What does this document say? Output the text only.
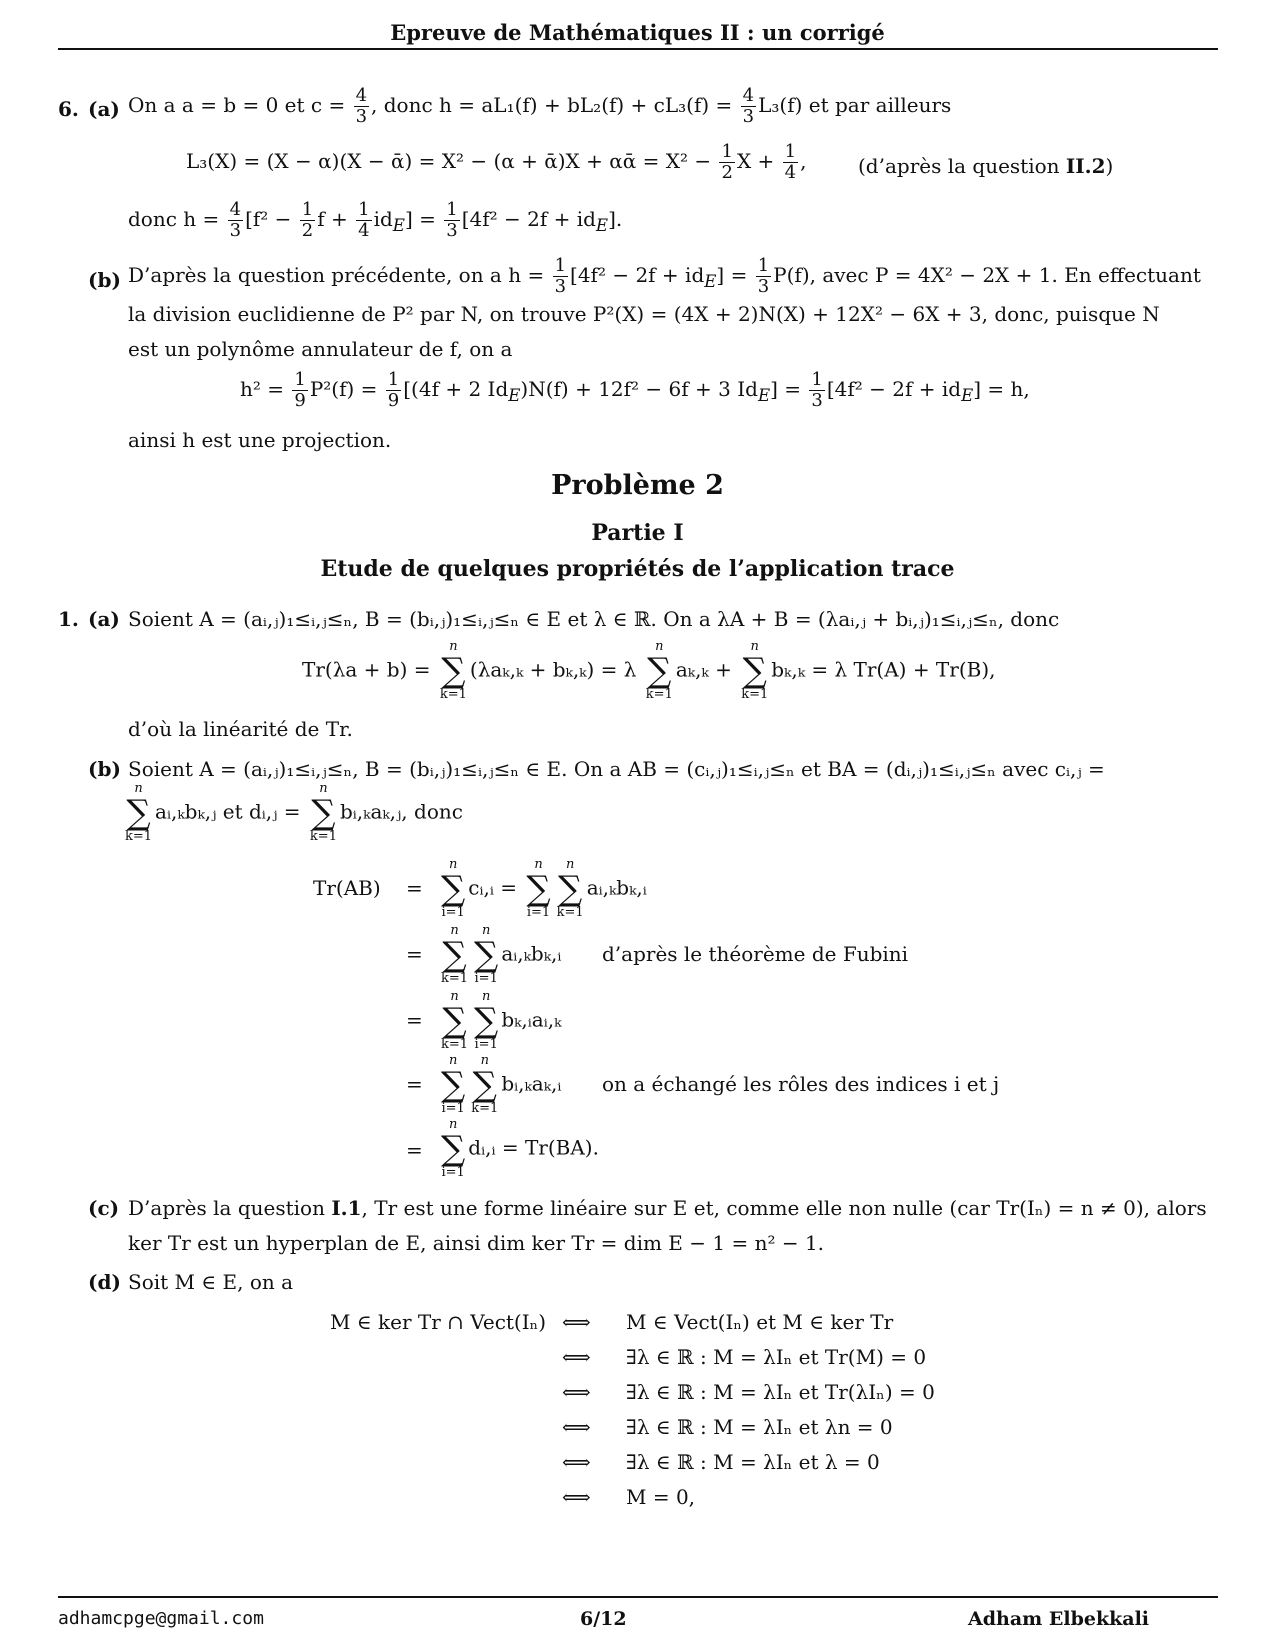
Epreuve de Mathématiques II : un corrigé
6. (a) On a a = b = 0 et $c = \frac{4}{3}$ , donc $h = aL_1(f) + bL_2(f) + cL_3(f) = \frac{4}{3} L_3(f)$ et par ailleurs
L₃(X) = (X − α)(X − ᾱ) = X² − (α + ᾱ)X + αᾱ = $X^2 - \frac{1}{2}$ $X + \frac{1}{4}$ ,	(d’après la question II.2)
donc $h = \frac{4}{3} [f^2 - \frac{1}{2}$ $f + \frac{1}{4} id_E] = \frac{1}{3} [4f^2 - 2f + id_E]$.
(b) D’après la question précédente, on a $h = \frac{1}{3} [4f^2 - 2f + id_E] = \frac{1}{3} P(f)$, avec P = 4X² − 2X + 1. En effectuant
la division euclidienne de P² par N, on trouve P²(X) = (4X + 2)N(X) + 12X² − 6X + 3, donc, puisque N
est un polynôme annulateur de f, on a
$h^2 = \frac{1}{9} P^2(f) = \frac{1}{9} [(4f + 2$ $Id_E)N(f) + 12f^2 - 6f + 3$ $Id_E] = \frac{1}{3} [4f^2 - 2f + id_E] = h$,
ainsi h est une projection.
Problème 2
Partie I
Etude de quelques propriétés de l’application trace
1. (a) Soient A = (aᵢ,ⱼ)₁≤ᵢ,ⱼ≤ₙ, B = (bᵢ,ⱼ)₁≤ᵢ,ⱼ≤ₙ ∈ E et λ ∈ ℝ. On a λA + B = (λaᵢ,ⱼ + bᵢ,ⱼ)₁≤ᵢ,ⱼ≤ₙ, donc
Tr(λa + b) =
n
∑
k=1
(λaₖ,ₖ + bₖ,ₖ) = λ
n
∑
k=1
aₖ,ₖ +
n
∑
k=1
bₖ,ₖ = λ Tr(A) + Tr(B),
d’où la linéarité de Tr.
(b) Soient A = (aᵢ,ⱼ)₁≤ᵢ,ⱼ≤ₙ, B = (bᵢ,ⱼ)₁≤ᵢ,ⱼ≤ₙ ∈ E. On a AB = (cᵢ,ⱼ)₁≤ᵢ,ⱼ≤ₙ et BA = (dᵢ,ⱼ)₁≤ᵢ,ⱼ≤ₙ avec cᵢ,ⱼ =
n
∑
k=1
aᵢ,ₖbₖ,ⱼ et dᵢ,ⱼ =
n
∑
k=1
bᵢ,ₖaₖ,ⱼ, donc
Tr(AB) =
n
∑
i=1
cᵢ,ᵢ =
n
∑
i=1
n
∑
k=1
aᵢ,ₖbₖ,ᵢ
=
n
∑
k=1
n
∑
i=1
aᵢ,ₖbₖ,ᵢ d’après le théorème de Fubini
=
n
∑
k=1
n
∑
i=1
bₖ,ᵢaᵢ,ₖ
=
n
∑
i=1
n
∑
k=1
bᵢ,ₖaₖ,ᵢ on a échangé les rôles des indices i et j
=
n
∑
i=1
dᵢ,ᵢ = Tr(BA).
(c) D’après la question I.1, Tr est une forme linéaire sur E et, comme elle non nulle (car Tr(Iₙ) = n ≠ 0), alors
ker Tr est un hyperplan de E, ainsi dim ker Tr = dim E − 1 = n² − 1.
(d) Soit M ∈ E, on a
M ∈ ker Tr ∩ Vect(Iₙ) ⟺ M ∈ Vect(Iₙ) et M ∈ ker Tr
⟺ ∃λ ∈ ℝ : M = λIₙ et Tr(M) = 0
⟺ ∃λ ∈ ℝ : M = λIₙ et Tr(λIₙ) = 0
⟺ ∃λ ∈ ℝ : M = λIₙ et λn = 0
⟺ ∃λ ∈ ℝ : M = λIₙ et λ = 0
⟺ M = 0,
adhamcpge@gmail.com	6/12	Adham Elbekkali
